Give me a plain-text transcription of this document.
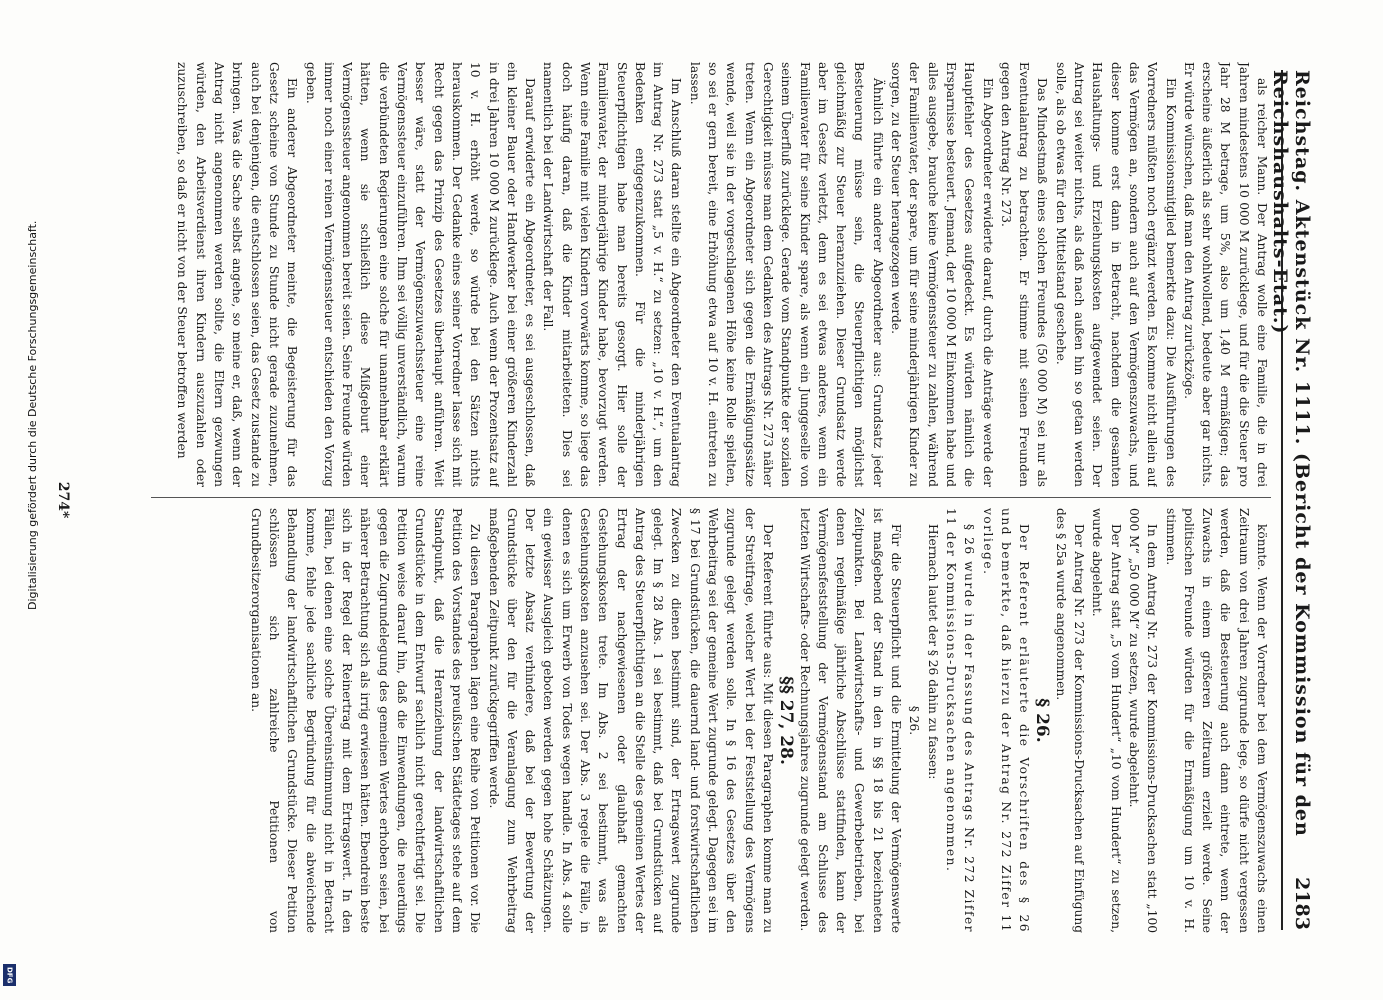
Reichstag. Aktenstück Nr. 1111. (Bericht der Kommission für den Reichshaushalts-Etat.)
2183

als reicher Mann. Der Antrag wolle eine Familie, die in drei Jahren mindestens 10 000 M zurücklege, und für die die Steuer pro Jahr 28 M betrage, um 5%, also um 1,40 M ermäßigen; das erscheine äußerlich als sehr wohlwollend, bedeute aber gar nichts. Er würde wünschen, daß man den Antrag zurückzöge.

Ein Kommissionsmitglied bemerkte dazu: Die Ausführungen des Vorredners müßten noch ergänzt werden. Es komme nicht allein auf das Vermögen an, sondern auch auf den Vermögenszuwachs, und dieser komme erst dann in Betracht, nachdem die gesamten Haushaltungs- und Erziehungskosten aufgewendet seien. Der Antrag sei weiter nichts, als daß nach außen hin so getan werden solle, als ob etwas für den Mittelstand geschehe.

Das Mindestmaß eines solchen Freundes (50 000 M) sei nur als Eventualantrag zu betrachten. Er stimme mit seinen Freunden gegen den Antrag Nr. 273.

Ein Abgeordneter erwiderte darauf, durch die Anträge werde der Hauptfehler des Gesetzes aufgedeckt. Es würden nämlich die Ersparnisse besteuert. Jemand, der 10 000 M Einkommen habe und alles ausgebe, brauche keine Vermögenssteuer zu zahlen, während der Familienvater, der spare, um für seine minderjährigen Kinder zu sorgen, zu der Steuer herangezogen werde.

Ähnlich führte ein anderer Abgeordneter aus: Grundsatz jeder Besteuerung müsse sein, die Steuerpflichtigen möglichst gleichmäßig zur Steuer heranzuziehen. Dieser Grundsatz werde aber im Gesetz verletzt, denn es sei etwas anderes, wenn ein Familienvater für seine Kinder spare, als wenn ein Junggeselle von seinem Überfluß zurücklege. Gerade vom Standpunkte der sozialen Gerechtigkeit müsse man dem Gedanken des Antrags Nr. 273 näher treten. Wenn ein Abgeordneter sich gegen die Ermäßigungssätze wende, weil sie in der vorgeschlagenen Höhe keine Rolle spielten, so sei er gern bereit, eine Erhöhung etwa auf 10 v. H. eintreten zu lassen.

Im Anschluß daran stellte ein Abgeordneter den Eventualantrag im Antrag Nr. 273 statt „5 v. H.“ zu setzen: „10 v. H.“, um den Bedenken entgegenzukommen. Für die minderjährigen Steuerpflichtigen habe man bereits gesorgt. Hier solle der Familienvater, der minderjährige Kinder habe, bevorzugt werden. Wenn eine Familie mit vielen Kindern vorwärts komme, so liege das doch häufig daran, daß die Kinder mitarbeiteten. Dies sei namentlich bei der Landwirtschaft der Fall.

Darauf erwiderte ein Abgeordneter, es sei ausgeschlossen, daß ein kleiner Bauer oder Handwerker bei einer größeren Kinderzahl in drei Jahren 10 000 M zurücklege. Auch wenn der Prozentsatz auf 10 v. H. erhöht werde, so würde bei den Sätzen nichts herauskommen. Der Gedanke eines seiner Vorredner lasse sich mit Recht gegen das Prinzip des Gesetzes überhaupt anführen. Weit besser wäre, statt der Vermögenszuwachssteuer eine reine Vermögenssteuer einzuführen. Ihm sei völlig unverständlich, warum die verbündeten Regierungen eine solche für unannehmbar erklärt hätten, wenn sie schließlich diese Mißgeburt einer Vermögenssteuer angenommen bereit seien. Seine Freunde würden immer noch einer reinen Vermögenssteuer entschieden den Vorzug geben.

Ein anderer Abgeordneter meinte, die Begeisterung für das Gesetz scheine von Stunde zu Stunde nicht gerade zuzunehmen, auch bei denjenigen, die entschlossen seien, das Gesetz zustande zu bringen. Was die Sache selbst angehe, so meine er, daß, wenn der Antrag nicht angenommen werden sollte, die Eltern gezwungen würden, den Arbeitsverdienst ihren Kindern auszuzahlen oder zuzuschreiben, so daß er nicht von der Steuer betroffen werden

könnte. Wenn der Vorredner bei dem Vermögenszuwachs einen Zeitraum von drei Jahren zugrunde lege, so dürfe nicht vergessen werden, daß die Besteuerung auch dann eintrete, wenn der Zuwachs in einem größeren Zeitraum erzielt werde. Seine politischen Freunde würden für die Ermäßigung um 10 v. H. stimmen.

In dem Antrag Nr. 273 der Kommissions-Drucksachen statt „100 000 M“ „50 000 M“ zu setzen, wurde abgelehnt.

Der Antrag statt „5 vom Hundert“ „10 vom Hundert“ zu setzen, wurde abgelehnt.

Der Antrag Nr. 273 der Kommissions-Drucksachen auf Einfügung des § 25a wurde angenommen.

§ 26.

Der Referent erläuterte die Vorschriften des § 26 und bemerkte, daß hierzu der Antrag Nr. 272 Ziffer 11 vorliege.

§ 26 wurde in der Fassung des Antrags Nr. 272 Ziffer 11 der Kommissions-Drucksachen angenommen.

Hiernach lautet der § 26 dahin zu fassen:

§ 26.

Für die Steuerpflicht und die Ermittelung der Vermögenswerte ist maßgebend der Stand in den in §§ 18 bis 21 bezeichneten Zeitpunkten. Bei Landwirtschafts- und Gewerbebetrieben, bei denen regelmäßige jährliche Abschlüsse stattfinden, kann der Vermögensfeststellung der Vermögensstand am Schlusse des letzten Wirtschafts- oder Rechnungsjahres zugrunde gelegt werden.

§§ 27, 28.

Der Referent führte aus: Mit diesen Paragraphen komme man zu der Streitfrage, welcher Wert bei der Feststellung des Vermögens zugrunde gelegt werden solle. In § 16 des Gesetzes über den Wehrbeitrag sei der gemeine Wert zugrunde gelegt. Dagegen sei im § 17 bei Grundstücken, die dauernd land- und forstwirtschaftlichen Zwecken zu dienen bestimmt sind, der Ertragswert zugrunde gelegt. Im § 28 Abs. 1 sei bestimmt, daß bei Grundstücken auf Antrag des Steuerpflichtigen an die Stelle des gemeinen Wertes der Ertrag der nachgewiesenen oder glaubhaft gemachten Gestehungskosten trete. Im Abs. 2 sei bestimmt, was als Gestehungskosten anzusehen sei. Der Abs. 3 regele die Fälle, in denen es sich um Erwerb von Todes wegen handle. In Abs. 4 solle ein gewisser Ausgleich geboten werden gegen hohe Schätzungen. Der letzte Absatz verhindere, daß bei der Bewertung der Grundstücke über den für die Veranlagung zum Wehrbeitrag maßgebenden Zeitpunkt zurückgegriffen werde.

Zu diesen Paragraphen lägen eine Reihe von Petitionen vor. Die Petition des Vorstandes des preußischen Städtetages stehe auf dem Standpunkt, daß die Heranziehung der landwirtschaftlichen Grundstücke in dem Entwurf sachlich nicht gerechtfertigt sei. Die Petition weise darauf hin, daß die Einwendungen, die neuerdings gegen die Zugrundelegung des gemeinen Wertes erhoben seien, bei näherer Betrachtung sich als irrig erwiesen hätten. Ebendrein beste sich in der Regel der Reinertrag mit dem Ertragswert. In den Fällen, bei denen eine solche Übereinstimmung nicht in Betracht komme, fehle jede sachliche Begründung für die abweichende Behandlung der landwirtschaftlichen Grundstücke. Dieser Petition schlössen sich zahlreiche Petitionen von Grundbesitzerorganisationen an.

274*
Digitalisierung gefördert durch die Deutsche Forschungsgemeinschaft.
DFG
